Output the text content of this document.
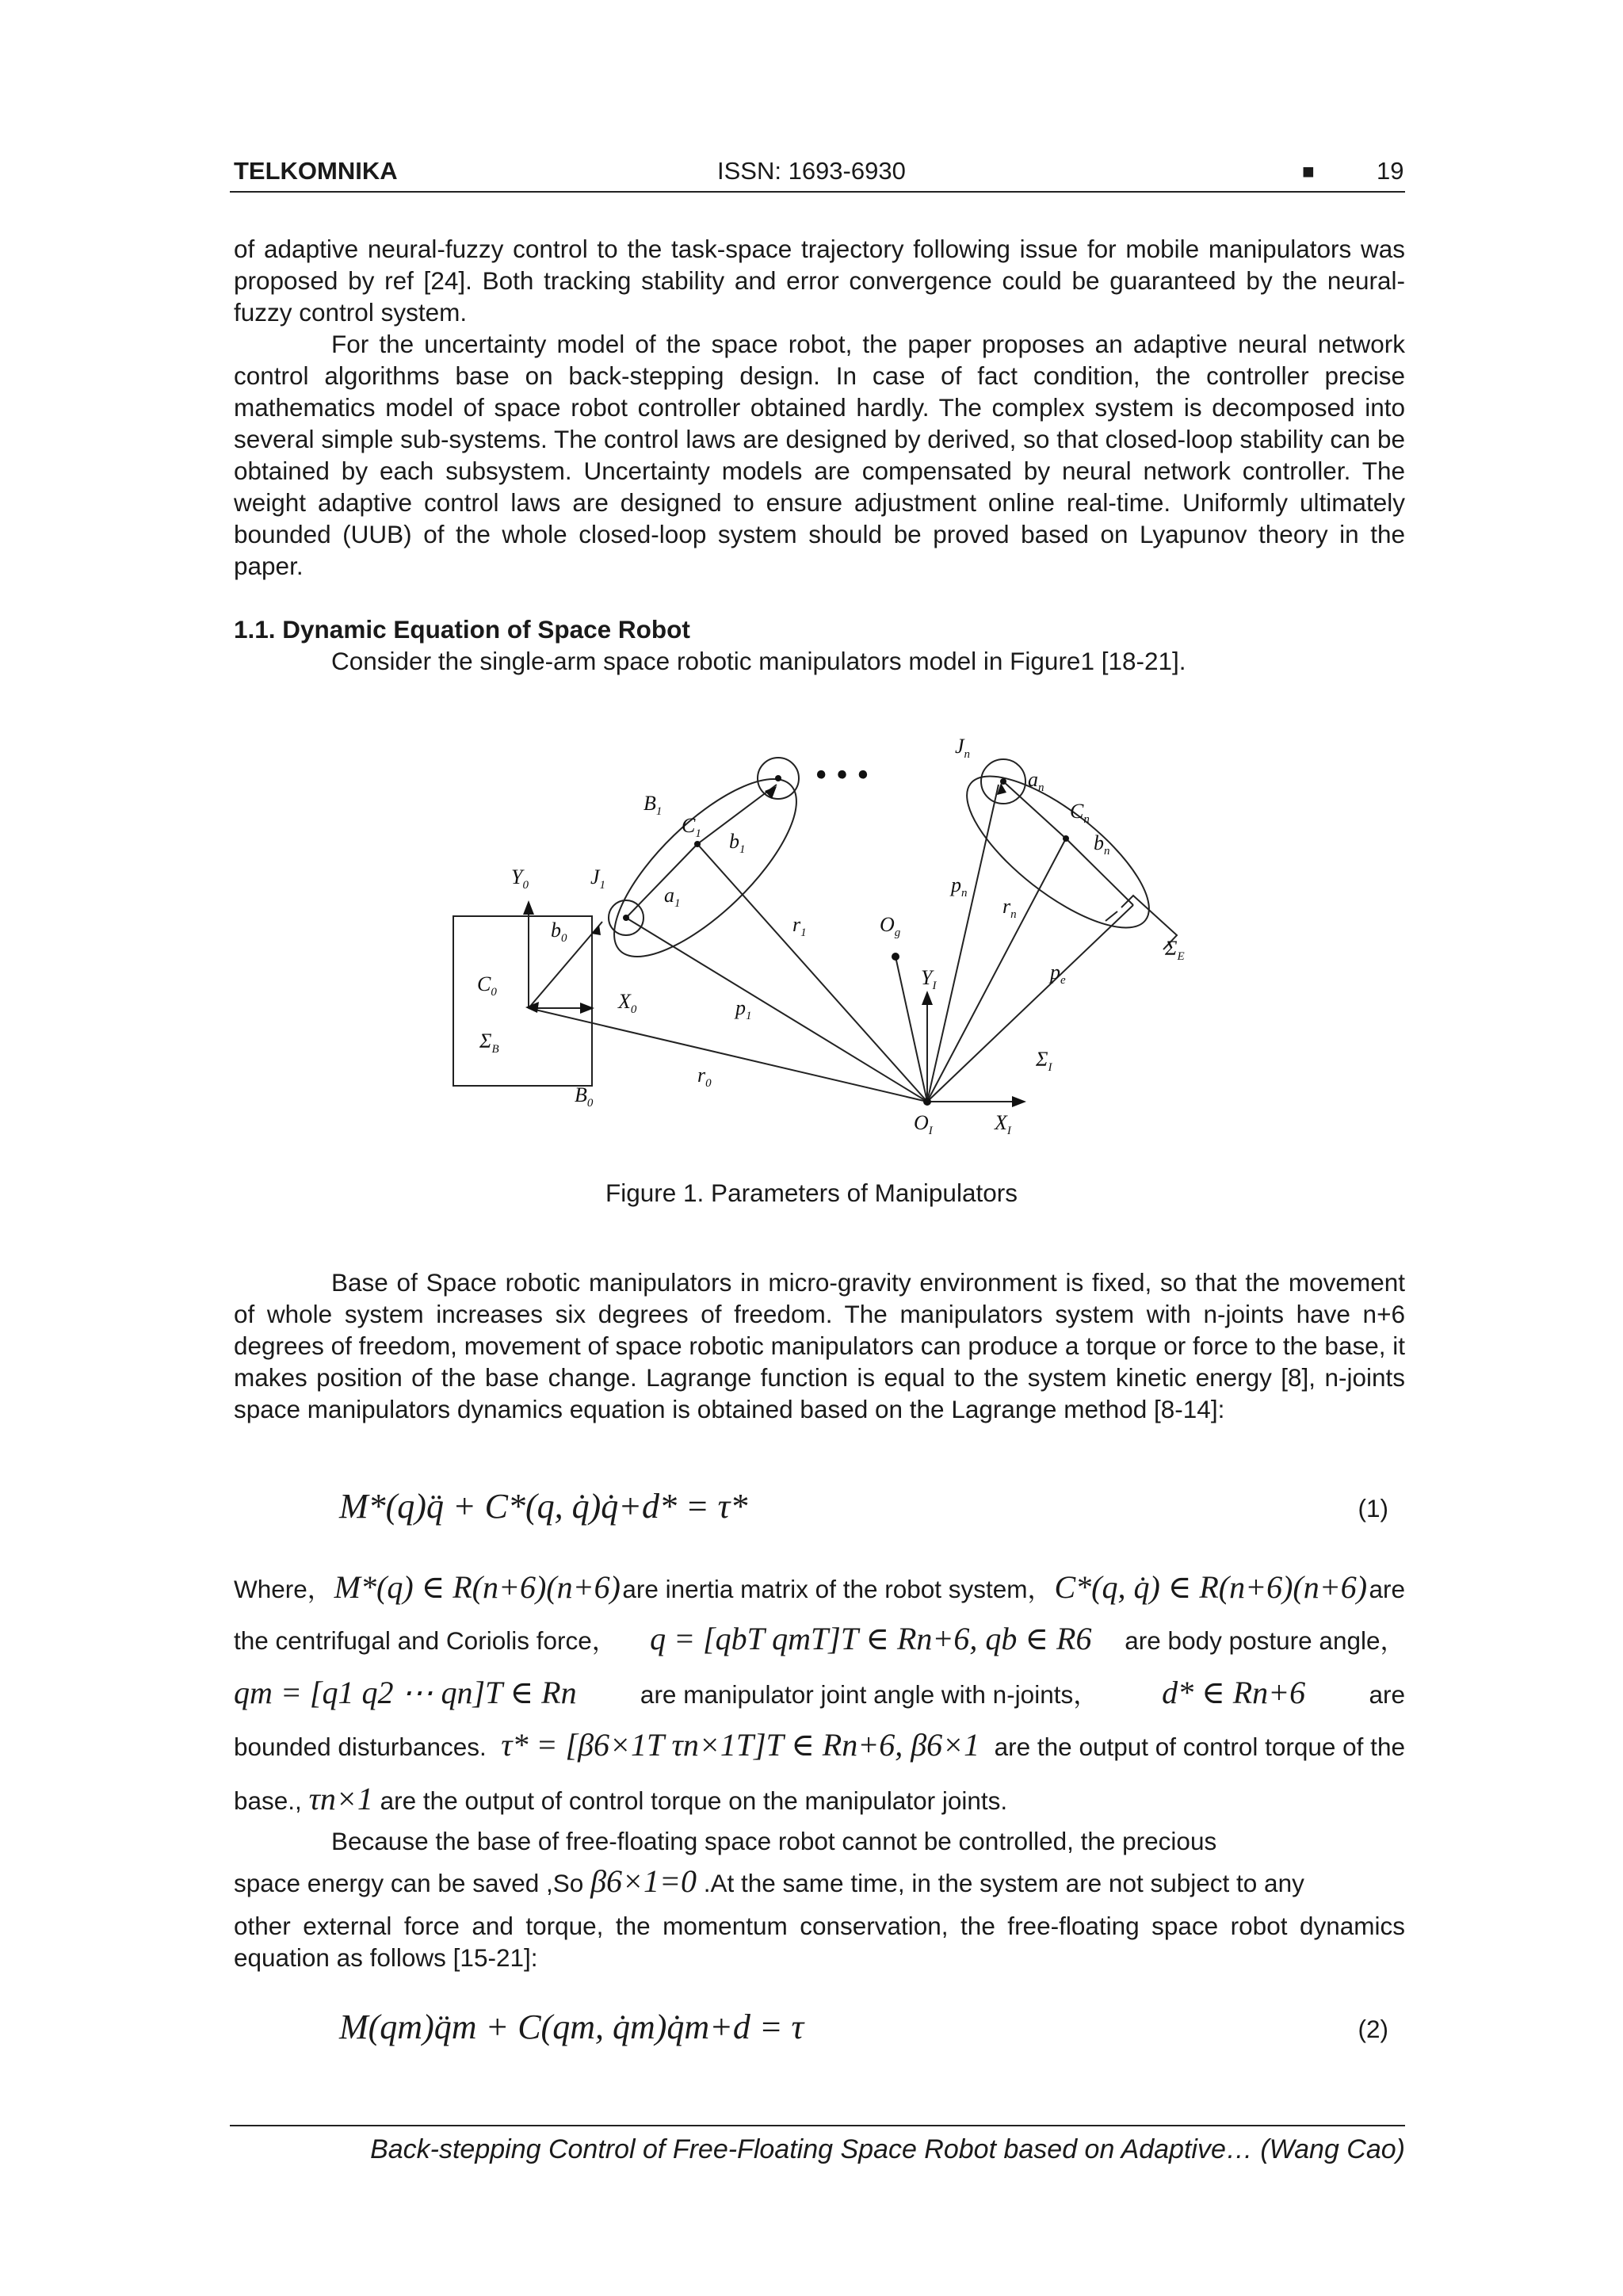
TELKOMNIKA	ISSN: 1693-6930	■	19

of adaptive neural-fuzzy control to the task-space trajectory following issue for mobile manipulators was proposed by ref [24]. Both tracking stability and error convergence could be guaranteed by the neural-fuzzy control system.

For the uncertainty model of the space robot, the paper proposes an adaptive neural network control algorithms base on back-stepping design. In case of fact condition, the controller precise mathematics model of space robot controller obtained hardly. The complex system is decomposed into several simple sub-systems. The control laws are designed by derived, so that closed-loop stability can be obtained by each subsystem. Uncertainty models are compensated by neural network controller. The weight adaptive control laws are designed to ensure adjustment online real-time. Uniformly ultimately bounded (UUB) of the whole closed-loop system should be proved based on Lyapunov theory in the paper.

1.1. Dynamic Equation of Space Robot
Consider the single-arm space robotic manipulators model in Figure1 [18-21].
$Y_0$	$J_1$
$B_1$
$C_1$ $b_1$
$a_1$
$b_0$
$C_0$	$X_0$
$\Sigma_B$
$B_0$
$p_1$
$r_0$
$r_1$	$O_g$
$Y_I$
$O_I$	$X_I$
$\Sigma_I$
$p_n$
$r_n$
$J_n$
$a_n$
$C_n$
$b_n$
$p_e$
$\Sigma_E$
• • •
Figure 1. Parameters of Manipulators
Base of Space robotic manipulators in micro-gravity environment is fixed, so that the movement of whole system increases six degrees of freedom. The manipulators system with n-joints have n+6 degrees of freedom, movement of space robotic manipulators can produce a torque or force to the base, it makes position of the base change. Lagrange function is equal to the system kinetic energy [8], n-joints space manipulators dynamics equation is obtained based on the Lagrange method [8-14]:
M*(q)q̈ + C*(q, q̇)q̇+d* = τ*	(1)
Where， M*(q) ∈ R(n+6)(n+6) are inertia matrix of the robot system， C*(q, q̇) ∈ R(n+6)(n+6) are
the centrifugal and Coriolis force， q = [qbT qmT]T ∈ Rn+6, qb ∈ R6 are body posture angle，
qm = [q1 q2 ⋯ qn]T ∈ Rn	are manipulator joint angle with n-joints， d* ∈ Rn+6	are
bounded disturbances. τ* = [β6×1T τn×1T]T ∈ Rn+6, β6×1 are the output of control torque of the
base., τn×1 are the output of control torque on the manipulator joints.
Because the base of free-floating space robot cannot be controlled, the precious
space energy can be saved ,So β6×1=0 .At the same time, in the system are not subject to any
other external force and torque, the momentum conservation, the free-floating space robot dynamics equation as follows [15-21]:
M(qm)q̈m + C(qm, q̇m)q̇m+d = τ	(2)
Back-stepping Control of Free-Floating Space Robot based on Adaptive… (Wang Cao)
